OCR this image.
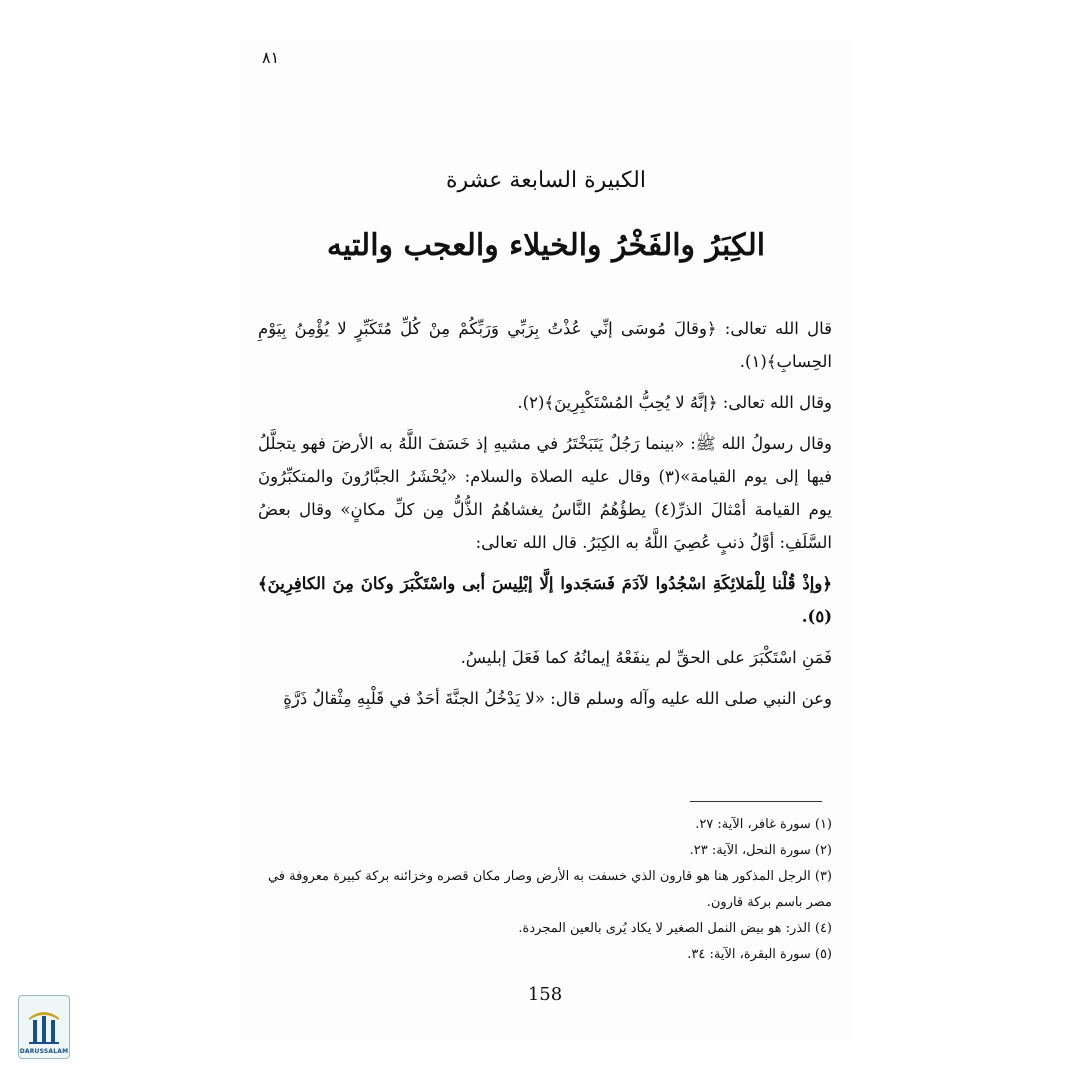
٨١
الكبيرة السابعة عشرة
الكِبَرُ والفَخْرُ والخيلاء والعجب والتيه

قال الله تعالى: ﴿وقالَ مُوسَى إنِّي عُذْتُ بِرَبِّي وَرَبِّكُمْ مِنْ كُلِّ مُتَكَبِّرٍ لا يُؤْمِنُ بِيَوْمِ الحِسابِ﴾(١).

وقال الله تعالى: ﴿إنَّهُ لا يُحِبُّ المُسْتَكْبِرِينَ﴾(٢).

وقال رسولُ الله ﷺ: «بينما رَجُلٌ يَتَبَخْتَرُ في مشيهِ إذ خَسَفَ اللَّهُ به الأرضَ فهو يتجلَّلُ فيها إلى يوم القيامة»(٣) وقال عليه الصلاة والسلام: «يُحْشَرُ الجبَّارُونَ والمتكبِّرُونَ يوم القيامة أمْثالَ الذرِّ(٤) يطؤُهُمُ النَّاسُ يغشاهُمُ الذُّلُّ مِن كلِّ مكانٍ» وقال بعضُ السَّلَفِ: أوَّلُ ذنبٍ عُصِيَ اللَّهُ به الكِبَرُ. قال الله تعالى:

﴿وإذْ قُلْنا لِلْمَلائِكَةِ اسْجُدُوا لآدَمَ فَسَجَدوا إلَّا إبْلِيسَ أبى واسْتَكْبَرَ وكانَ مِنَ الكافِرِينَ﴾(٥).

فَمَنِ اسْتَكْبَرَ على الحقِّ لم ينفَعْهُ إيمانُهُ كما فَعَلَ إبليسُ.

وعن النبي صلى الله عليه وآله وسلم قال: «لا يَدْخُلُ الجنَّةَ أحَدٌ في قَلْبِهِ مِثْقالُ ذَرَّةٍ

(١) سورة غافر، الآية: ٢٧.
(٢) سورة النحل، الآية: ٢٣.
(٣) الرجل المذكور هنا هو قارون الذي خسفت به الأرض وصار مكان قصره وخزائنه بركة كبيرة معروفة في مصر باسم بركة قارون.
(٤) الذر: هو بيض النمل الصغير لا يكاد يُرى بالعين المجردة.
(٥) سورة البقرة، الآية: ٣٤.
158
DARUSSALAM
